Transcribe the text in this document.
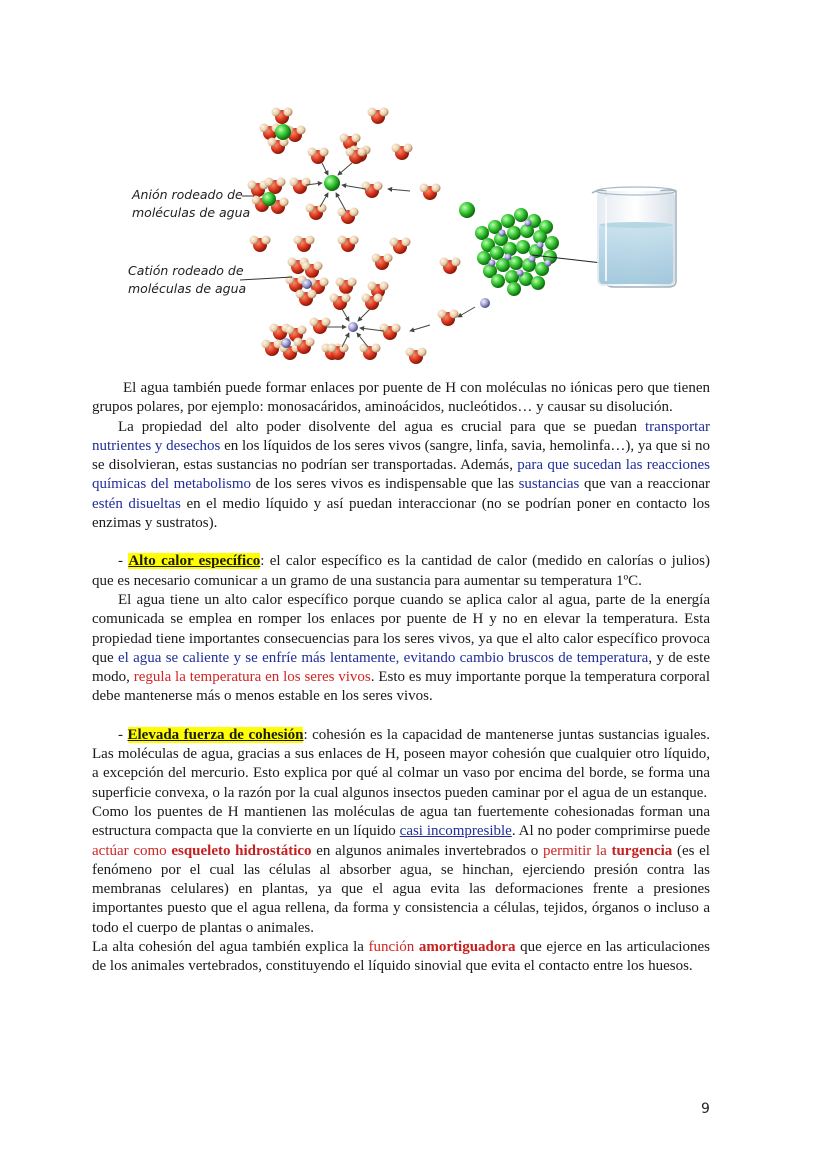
Anión rodeado de
moléculas de agua
Catión rodeado de
moléculas de agua

El agua también puede formar enlaces por puente de H con moléculas no iónicas pero que tienen grupos polares, por ejemplo: monosacáridos, aminoácidos, nucleótidos… y causar su disolución.

La propiedad del alto poder disolvente del agua es crucial para que se puedan transportar nutrientes y desechos en los líquidos de los seres vivos (sangre, linfa, savia, hemolinfa…), ya que si no se disolvieran, estas sustancias no podrían ser transportadas. Además, para que sucedan las reacciones químicas del metabolismo de los seres vivos es indispensable que las sustancias que van a reaccionar estén disueltas en el medio líquido y así puedan interaccionar (no se podrían poner en contacto los enzimas y sustratos).

- Alto calor específico: el calor específico es la cantidad de calor (medido en calorías o julios) que es necesario comunicar a un gramo de una sustancia para aumentar su temperatura 1ºC.

El agua tiene un alto calor específico porque cuando se aplica calor al agua, parte de la energía comunicada se emplea en romper los enlaces por puente de H y no en elevar la temperatura. Esta propiedad tiene importantes consecuencias para los seres vivos, ya que el alto calor específico provoca que el agua se caliente y se enfríe más lentamente, evitando cambio bruscos de temperatura, y de este modo, regula la temperatura en los seres vivos. Esto es muy importante porque la temperatura corporal debe mantenerse más o menos estable en los seres vivos.

- Elevada fuerza de cohesión: cohesión es la capacidad de mantenerse juntas sustancias iguales. Las moléculas de agua, gracias a sus enlaces de H, poseen mayor cohesión que cualquier otro líquido, a excepción del mercurio. Esto explica por qué al colmar un vaso por encima del borde, se forma una superficie convexa, o la razón por la cual algunos insectos pueden caminar por el agua de un estanque.

Como los puentes de H mantienen las moléculas de agua tan fuertemente cohesionadas forman una estructura compacta que la convierte en un líquido casi incompresible. Al no poder comprimirse puede actúar como esqueleto hidrostático en algunos animales invertebrados o permitir la turgencia (es el fenómeno por el cual las células al absorber agua, se hinchan, ejerciendo presión contra las membranas celulares) en plantas, ya que el agua evita las deformaciones frente a presiones importantes puesto que el agua rellena, da forma y consistencia a células, tejidos, órganos o incluso a todo el cuerpo de plantas o animales.

La alta cohesión del agua también explica la función amortiguadora que ejerce en las articulaciones de los animales vertebrados, constituyendo el líquido sinovial que evita el contacto entre los huesos.

9
